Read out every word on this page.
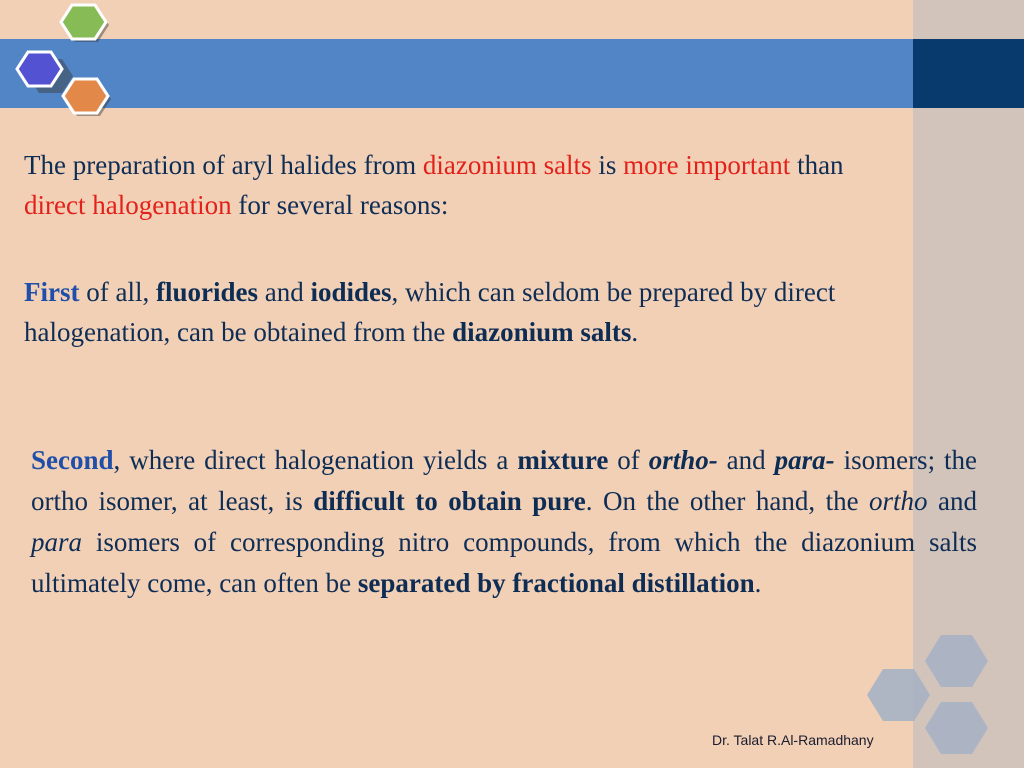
The preparation of aryl halides from diazonium salts is more important than direct halogenation for several reasons:

First of all, fluorides and iodides, which can seldom be prepared by direct halogenation, can be obtained from the diazonium salts.

Second, where direct halogenation yields a mixture of ortho- and para- isomers; the ortho isomer, at least, is difficult to obtain pure. On the other hand, the ortho and para isomers of corresponding nitro compounds, from which the diazonium salts ultimately come, can often be separated by fractional distillation.

Dr. Talat R.Al-Ramadhany
